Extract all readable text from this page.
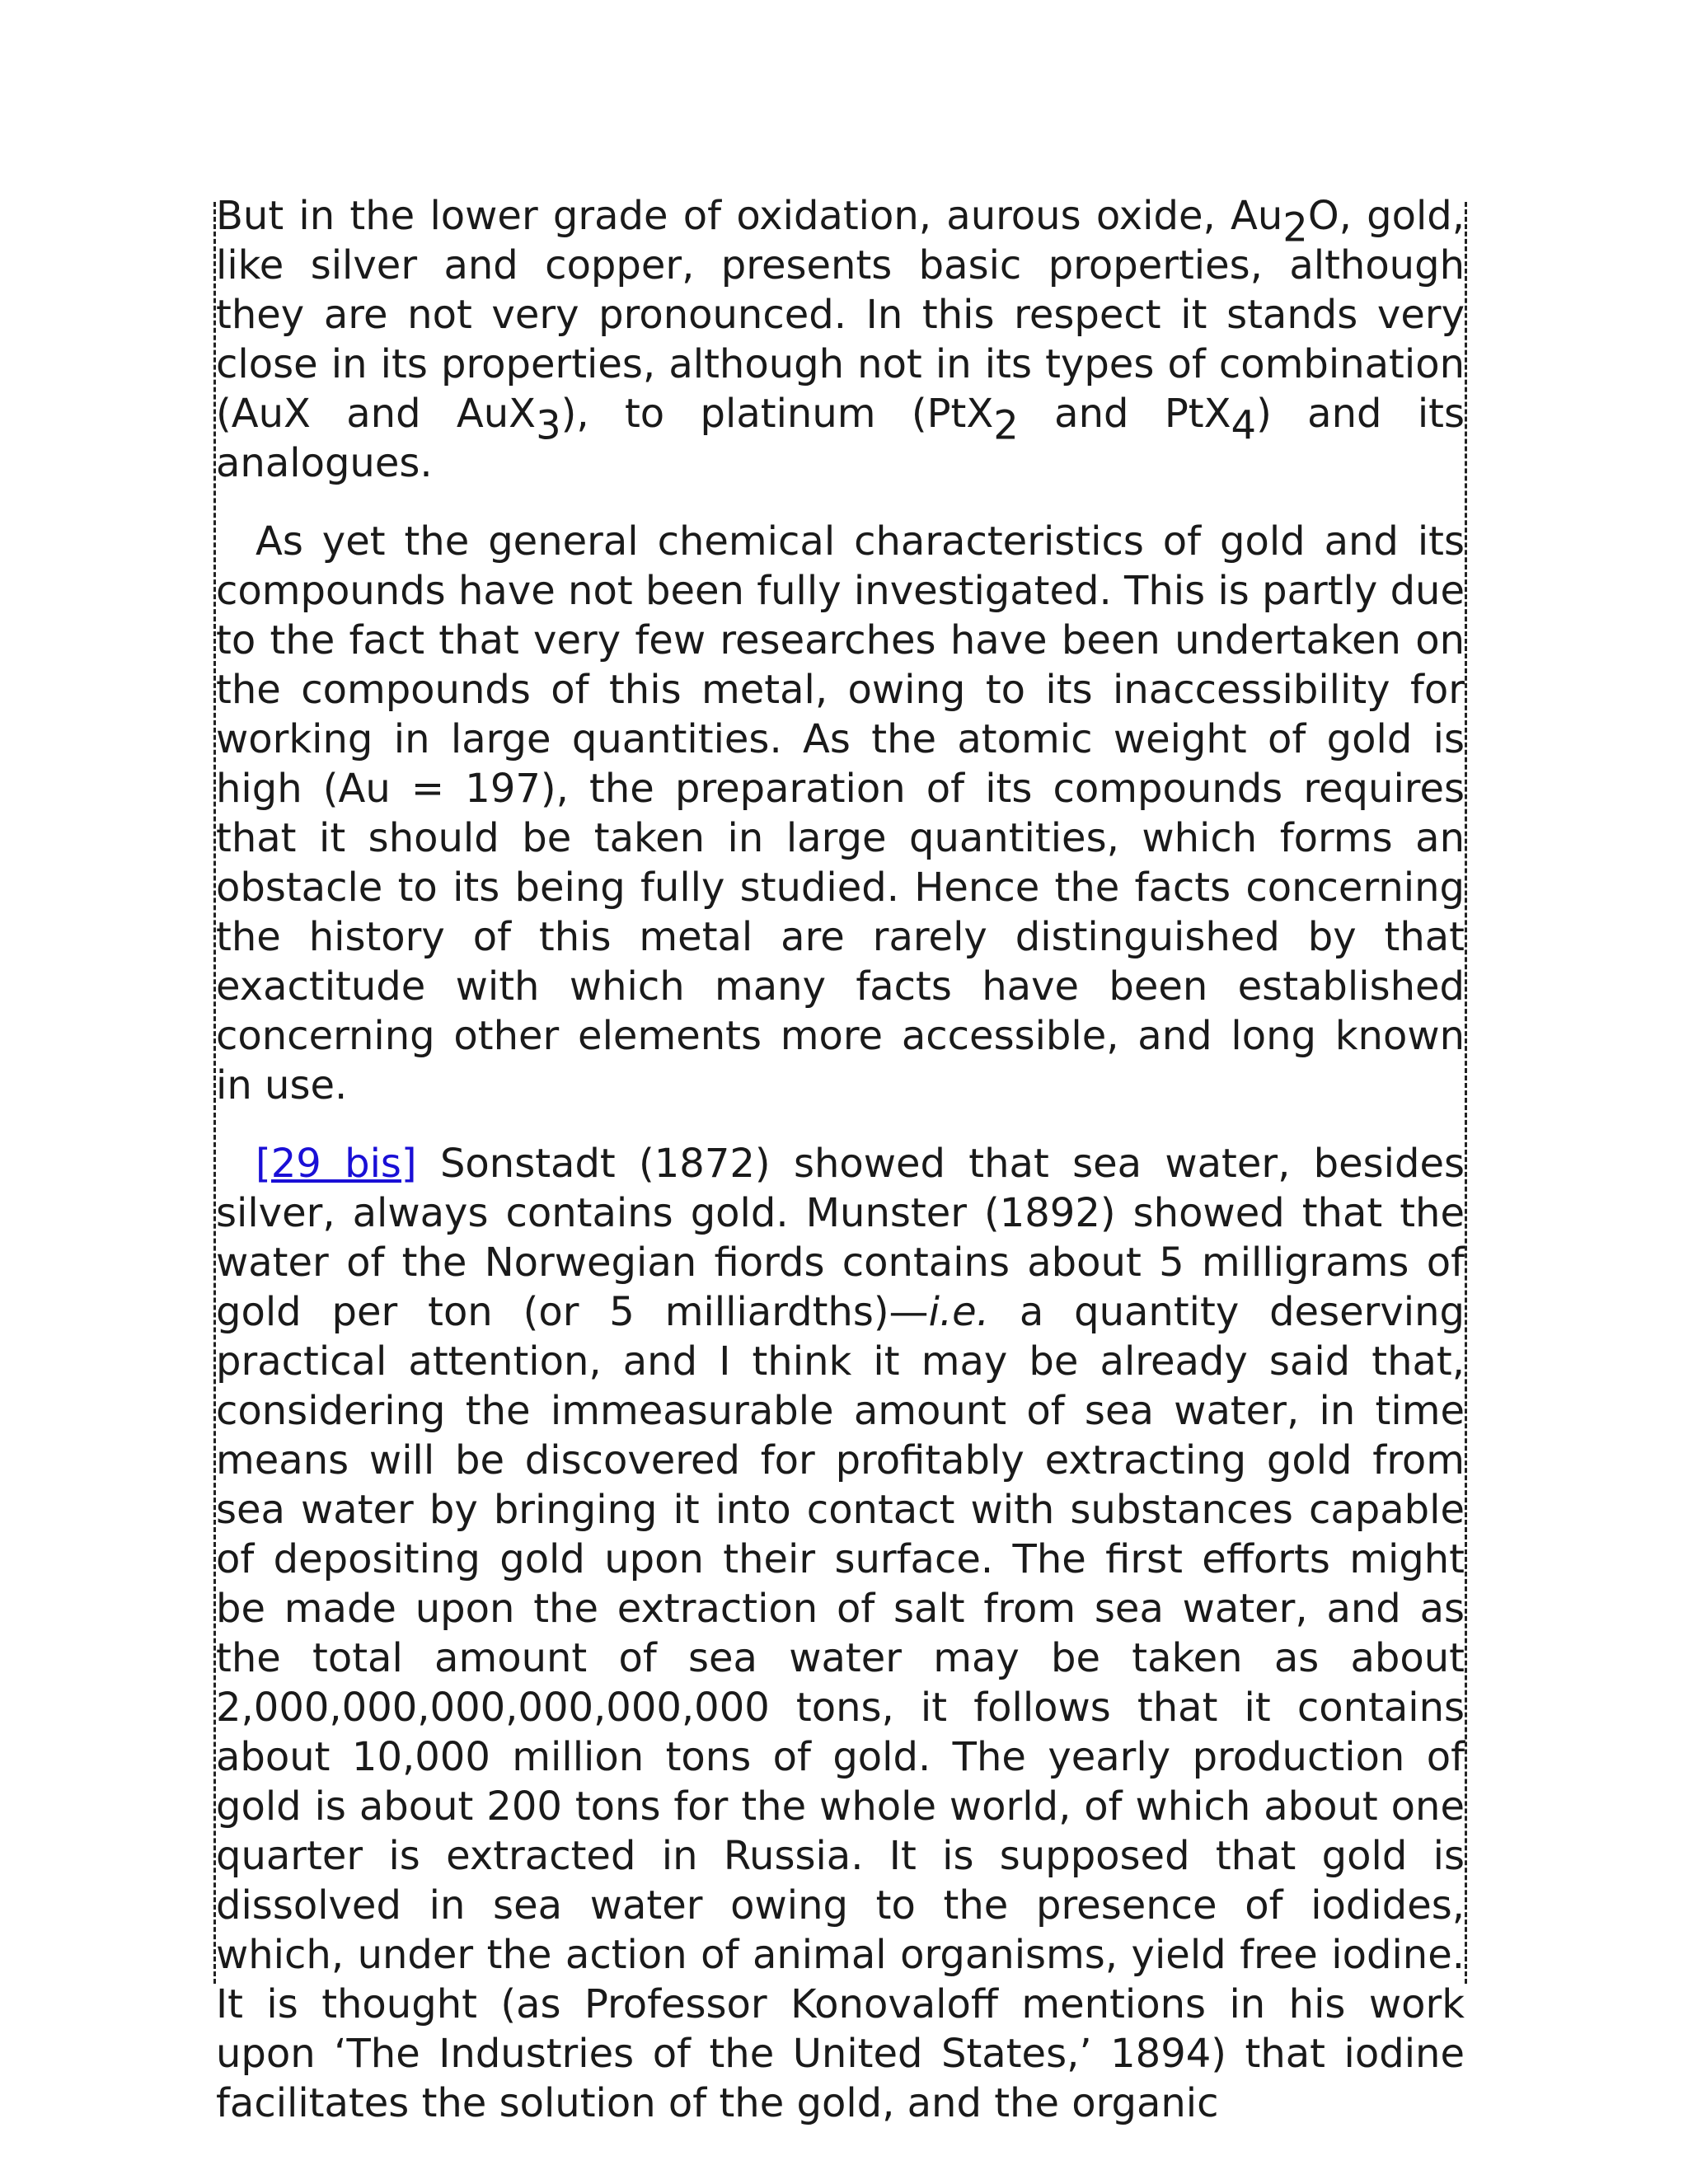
But in the lower grade of oxidation, aurous oxide, Au2O, gold, like silver and copper, presents basic properties, although they are not very pronounced. In this respect it stands very close in its properties, although not in its types of combination (AuX and AuX3), to platinum (PtX2 and PtX4) and its analogues.

As yet the general chemical characteristics of gold and its compounds have not been fully investigated. This is partly due to the fact that very few researches have been undertaken on the compounds of this metal, owing to its inaccessibility for working in large quantities. As the atomic weight of gold is high (Au = 197), the preparation of its compounds requires that it should be taken in large quantities, which forms an obstacle to its being fully studied. Hence the facts concerning the history of this metal are rarely distinguished by that exactitude with which many facts have been established concerning other elements more accessible, and long known in use.

[29 bis] Sonstadt (1872) showed that sea water, besides silver, always contains gold. Munster (1892) showed that the water of the Norwegian fiords contains about 5 milligrams of gold per ton (or 5 milliardths)—i.e. a quantity deserving practical attention, and I think it may be already said that, considering the immeasurable amount of sea water, in time means will be discovered for profitably extracting gold from sea water by bringing it into contact with substances capable of depositing gold upon their surface. The first efforts might be made upon the extraction of salt from sea water, and as the total amount of sea water may be taken as about 2,000,000,000,000,000,000 tons, it follows that it contains about 10,000 million tons of gold. The yearly production of gold is about 200 tons for the whole world, of which about one quarter is extracted in Russia. It is supposed that gold is dissolved in sea water owing to the presence of iodides, which, under the action of animal organisms, yield free iodine. It is thought (as Professor Konovaloff mentions in his work upon ‘The Industries of the United States,’ 1894) that iodine facilitates the solution of the gold, and the organic
